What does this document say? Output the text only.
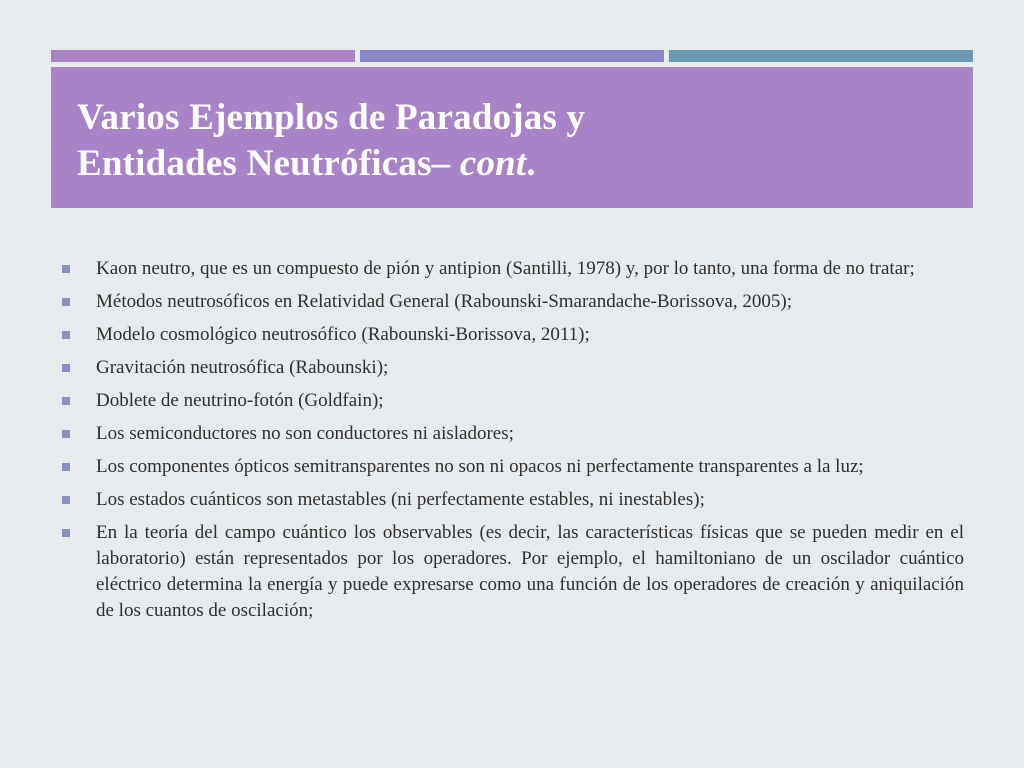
Varios Ejemplos de Paradojas y
Entidades Neutróficas– cont.
Kaon neutro, que es un compuesto de pión y antipion (Santilli, 1978) y, por lo tanto, una forma de no tratar;
Métodos neutrosóficos en Relatividad General (Rabounski-Smarandache-Borissova, 2005);
Modelo cosmológico neutrosófico (Rabounski-Borissova, 2011);
Gravitación neutrosófica (Rabounski);
Doblete de neutrino-fotón (Goldfain);
Los semiconductores no son conductores ni aisladores;
Los componentes ópticos semitransparentes no son ni opacos ni perfectamente transparentes a la luz;
Los estados cuánticos son metastables (ni perfectamente estables, ni inestables);
En la teoría del campo cuántico los observables (es decir, las características físicas que se pueden medir en el laboratorio) están representados por los operadores. Por ejemplo, el hamiltoniano de un oscilador cuántico eléctrico determina la energía y puede expresarse como una función de los operadores de creación y aniquilación de los cuantos de oscilación;
